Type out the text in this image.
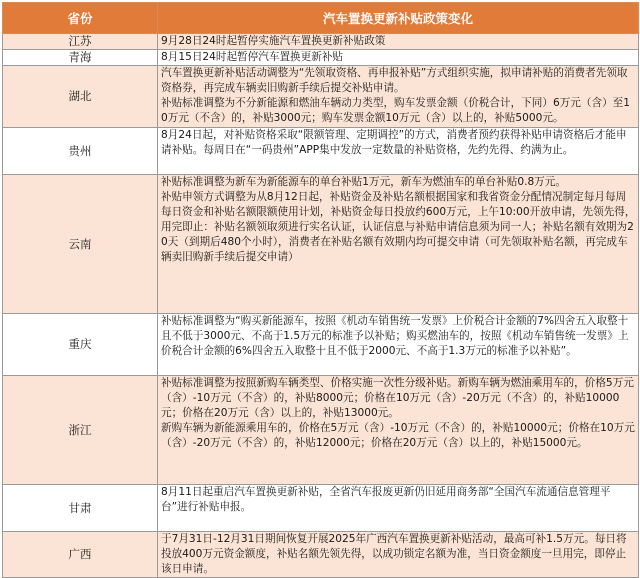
省份	汽车置换更新补贴政策变化
江苏	9月28日24时起暂停实施汽车置换更新补贴政策

青海	8月15日24时起暂停汽车置换更新补贴

湖北	汽车置换更新补贴活动调整为“先领取资格、再申报补贴”方式组织实施，拟申请补贴的消费者先领取资格券，再完成车辆卖旧购新手续后提交补贴申请。
补贴标准调整为不分新能源和燃油车辆动力类型，购车发票金额（价税合计，下同）6万元（含）至10万元（不含）的，补贴3000元；购车发票金额10万元（含）以上的，补贴5000元。

贵州	8月24日起，对补贴资格采取“限额管理、定期调控”的方式，消费者预约获得补贴申请资格后才能申请补贴。每周日在“一码贵州”APP集中发放一定数量的补贴资格，先约先得、约满为止。

云南	补贴标准调整为新车为新能源车的单台补贴1万元，新车为燃油车的单台补贴0.8万元。
补贴申领方式调整为从8月12日起，补贴资金及补贴名额根据国家和我省资金分配情况制定每月每周每日资金和补贴名额限额使用计划，补贴资金每日投放约600万元，上午10:00开放申请，先领先得，用完即止：补贴名额领取须进行实名认证，认证信息与补贴申请信息须为同一人；补贴名额有效期为20天（到期后480个小时），消费者在补贴名额有效期内均可提交申请（可先领取补贴名额，再完成车辆卖旧购新手续后提交申请）

重庆	补贴标准调整为“购买新能源车，按照《机动车销售统一发票》上价税合计金额的7%四舍五入取整十且不低于3000元、不高于1.5万元的标准予以补贴；购买燃油车的，按照《机动车销售统一发票》上价税合计金额的6%四舍五入取整十且不低于2000元、不高于1.3万元的标准予以补贴”。

浙江	补贴标准调整为按照新购车辆类型、价格实施一次性分级补贴。新购车辆为燃油乘用车的，价格5万元（含）-10万元（不含）的，补贴8000元；价格在10万元（含）-20万元（不含）的，补贴10000元；价格在20万元（含）以上的，补贴13000元。
新购车辆为新能源乘用车的，价格在5万元（含）-10万元（不含）的，补贴10000元；价格在10万元（含）-20万元（不含）的，补贴12000元；价格在20万元（含）以上的，补贴15000元。

甘肃	8月11日起重启汽车置换更新补贴，全省汽车报废更新仍旧延用商务部“全国汽车流通信息管理平台”进行补贴申报。

广西	于7月31日-12月31日期间恢复开展2025年广西汽车置换更新补贴活动，最高可补1.5万元。每日将投放400万元资金额度，补贴名额先领先得，以成功锁定名额为准，当日资金额度一旦用完，即停止该日申请。
